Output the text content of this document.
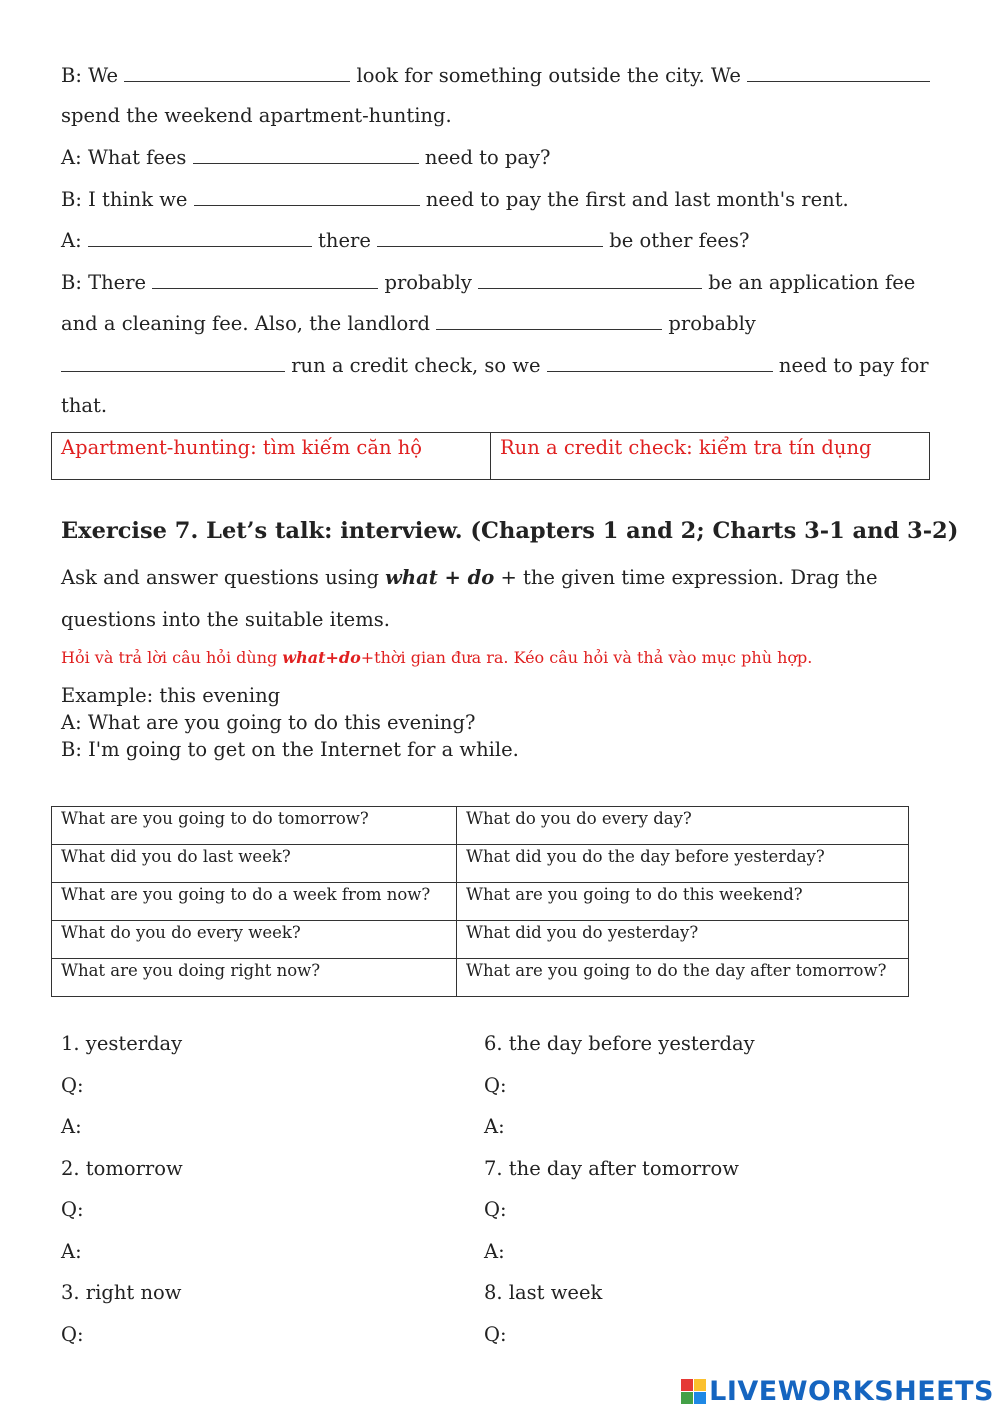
B: We	look for something outside the city. We
spend the weekend apartment-hunting.
A: What fees	need to pay?
B: I think we	need to pay the first and last month's rent.
A:	there	be other fees?
B: There	probably	be an application fee
and a cleaning fee. Also, the landlord	probably
run a credit check, so we	need to pay for
that.
Apartment-hunting: tìm kiếm căn hộ	Run a credit check: kiểm tra tín dụng
Exercise 7. Let’s talk: interview. (Chapters 1 and 2; Charts 3-1 and 3-2)
Ask and answer questions using what + do + the given time expression. Drag the
questions into the suitable items.
Hỏi và trả lời câu hỏi dùng what+do+thời gian đưa ra. Kéo câu hỏi và thả vào mục phù hợp.
Example: this evening
A: What are you going to do this evening?
B: I'm going to get on the Internet for a while.
What are you going to do tomorrow?	What do you do every day?
What did you do last week?	What did you do the day before yesterday?
What are you going to do a week from now?	What are you going to do this weekend?
What do you do every week?	What did you do yesterday?
What are you doing right now?	What are you going to do the day after tomorrow?
1. yesterday
Q:
A:
2. tomorrow
Q:
A:
3. right now
Q:
6. the day before yesterday
Q:
A:
7. the day after tomorrow
Q:
A:
8. last week
Q:
LIVEWORKSHEETS
